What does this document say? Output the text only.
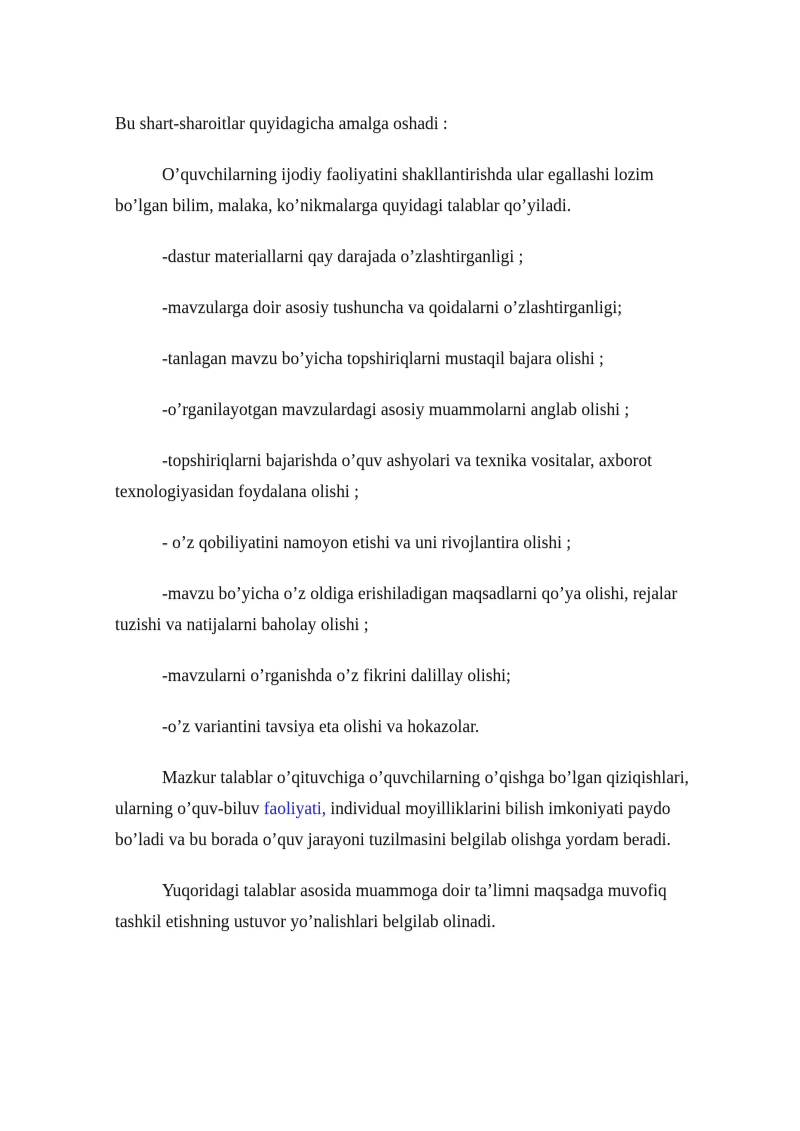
Bu shart-sharoitlar quyidagicha amalga oshadi :

O’quvchilarning ijodiy faoliyatini shakllantirishda ular egallashi lozim
bo’lgan bilim, malaka, ko’nikmalarga quyidagi talablar qo’yiladi.

-dastur materiallarni qay darajada o’zlashtirganligi ;

-mavzularga doir asosiy tushuncha va qoidalarni o’zlashtirganligi;

-tanlagan mavzu bo’yicha topshiriqlarni mustaqil bajara olishi ;

-o’rganilayotgan mavzulardagi asosiy muammolarni anglab olishi ;

-topshiriqlarni bajarishda o’quv ashyolari va texnika vositalar, axborot
texnologiyasidan foydalana olishi ;

- o’z qobiliyatini namoyon etishi va uni rivojlantira olishi ;

-mavzu bo’yicha o’z oldiga erishiladigan maqsadlarni qo’ya olishi, rejalar
tuzishi va natijalarni baholay olishi ;

-mavzularni o’rganishda o’z fikrini dalillay olishi;

-o’z variantini tavsiya eta olishi va hokazolar.

Mazkur talablar o’qituvchiga o’quvchilarning o’qishga bo’lgan qiziqishlari,
ularning o’quv-biluv faoliyati, individual moyilliklarini bilish imkoniyati paydo
bo’ladi va bu borada o’quv jarayoni tuzilmasini belgilab olishga yordam beradi.

Yuqoridagi talablar asosida muammoga doir ta’limni maqsadga muvofiq
tashkil etishning ustuvor yo’nalishlari belgilab olinadi.
